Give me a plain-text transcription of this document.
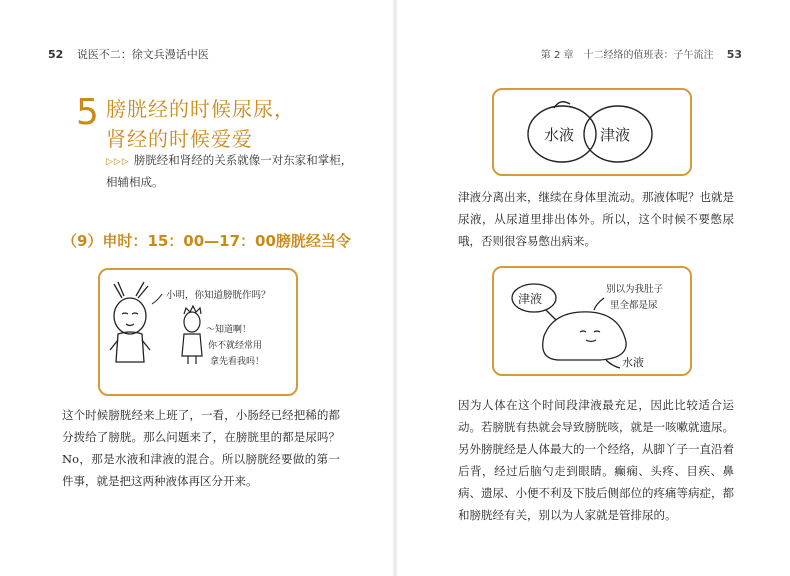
52 说医不二：徐文兵漫话中医
5 膀胱经的时候尿尿，
肾经的时候爱爱
▷▷▷ 膀胱经和肾经的关系就像一对东家和掌柜，相辅相成。
（9）申时：15：00—17：00膀胱经当令
小明，你知道膀胱作吗？
～知道啊！
你不就经常用
拿先看我吗！

这个时候膀胱经来上班了，一看，小肠经已经把稀的都分拨给了膀胱。那么问题来了，在膀胱里的都是尿吗？No，那是水液和津液的混合。所以膀胱经要做的第一件事，就是把这两种液体再区分开来。

第 2 章　十二经络的值班表：子午流注 53
水液 津液

津液分离出来，继续在身体里流动。那液体呢？也就是尿液，从尿道里排出体外。所以，这个时候不要憋尿哦，否则很容易憋出病来。

津液
别以为我肚子
里全都是尿
水液

因为人体在这个时间段津液最充足，因此比较适合运动。若膀胱有热就会导致膀胱咳，就是一咳嗽就遗尿。另外膀胱经是人体最大的一个经络，从脚丫子一直沿着后背，经过后脑勺走到眼睛。癫痫、头疼、目疾、鼻病、遗尿、小便不利及下肢后侧部位的疼痛等病症，都和膀胱经有关，别以为人家就是管排尿的。
